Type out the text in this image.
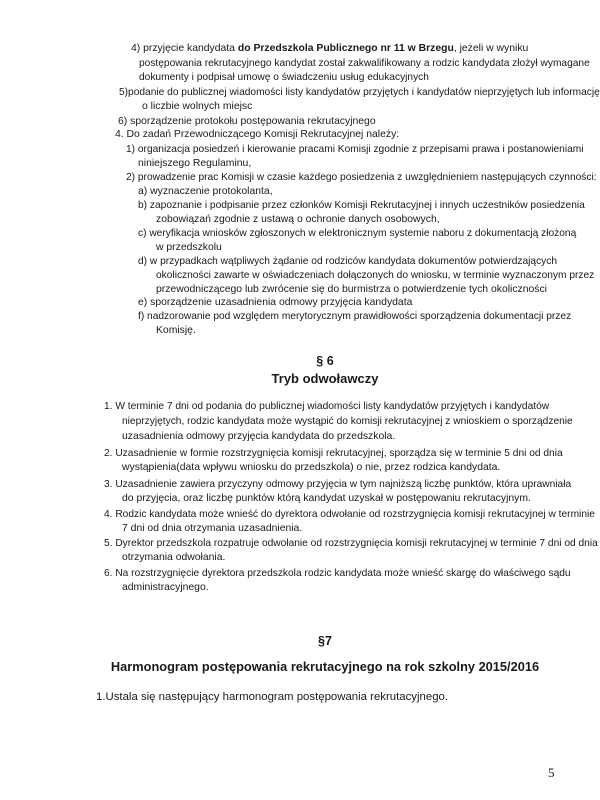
4) przyjęcie kandydata do Przedszkola Publicznego nr 11 w Brzegu, jeżeli w wyniku
postępowania rekrutacyjnego kandydat został zakwalifikowany a rodzic kandydata złożył wymagane
dokumenty i podpisał umowę o świadczeniu usług edukacyjnych
5)podanie do publicznej wiadomości listy kandydatów przyjętych i kandydatów nieprzyjętych lub informację
o liczbie wolnych miejsc
6) sporządzenie protokołu postępowania rekrutacyjnego
4. Do zadań Przewodniczącego Komisji Rekrutacyjnej należy:
1) organizacja posiedzeń i kierowanie pracami Komisji zgodnie z przepisami prawa i postanowieniami
niniejszego Regulaminu,
2) prowadzenie prac Komisji w czasie każdego posiedzenia z uwzględnieniem następujących czynności:
a) wyznaczenie protokolanta,
b) zapoznanie i podpisanie przez członków Komisji Rekrutacyjnej i innych uczestników posiedzenia
zobowiązań zgodnie z ustawą o ochronie danych osobowych,
c) weryfikacja wniosków zgłoszonych w elektronicznym systemie naboru z dokumentacją złożoną
w przedszkolu
d) w przypadkach wątpliwych żądanie od rodziców kandydata dokumentów potwierdzających
okoliczności zawarte w oświadczeniach dołączonych do wniosku, w terminie wyznaczonym przez
przewodniczącego lub zwrócenie się do burmistrza o potwierdzenie tych okoliczności
e) sporządzenie uzasadnienia odmowy przyjęcia kandydata
f) nadzorowanie pod względem merytorycznym prawidłowości sporządzenia dokumentacji przez
Komisję.
§ 6
Tryb odwoławczy
1. W terminie 7 dni od podania do publicznej wiadomości listy kandydatów przyjętych i kandydatów
nieprzyjętych, rodzic kandydata może wystąpić do komisji rekrutacyjnej z wnioskiem o sporządzenie
uzasadnienia odmowy przyjęcia kandydata do przedszkola.
2. Uzasadnienie w formie rozstrzygnięcia komisji rekrutacyjnej, sporządza się w terminie 5 dni od dnia
wystąpienia(data wpływu wniosku do przedszkola) o nie, przez rodzica kandydata.
3. Uzasadnienie zawiera przyczyny odmowy przyjęcia w tym najniższą liczbę punktów, która uprawniała
do przyjęcia, oraz liczbę punktów którą kandydat uzyskał w postępowaniu rekrutacyjnym.
4. Rodzic kandydata może wnieść do dyrektora odwołanie od rozstrzygnięcia komisji rekrutacyjnej w terminie
7 dni od dnia otrzymania uzasadnienia.
5. Dyrektor przedszkola rozpatruje odwołanie od rozstrzygnięcia komisji rekrutacyjnej w terminie 7 dni od dnia
otrzymania odwołania.
6. Na rozstrzygnięcie dyrektora przedszkola rodzic kandydata może wnieść skargę do właściwego sądu
administracyjnego.
§7
Harmonogram postępowania rekrutacyjnego na rok szkolny 2015/2016
1.Ustala się następujący harmonogram postępowania rekrutacyjnego.
5
